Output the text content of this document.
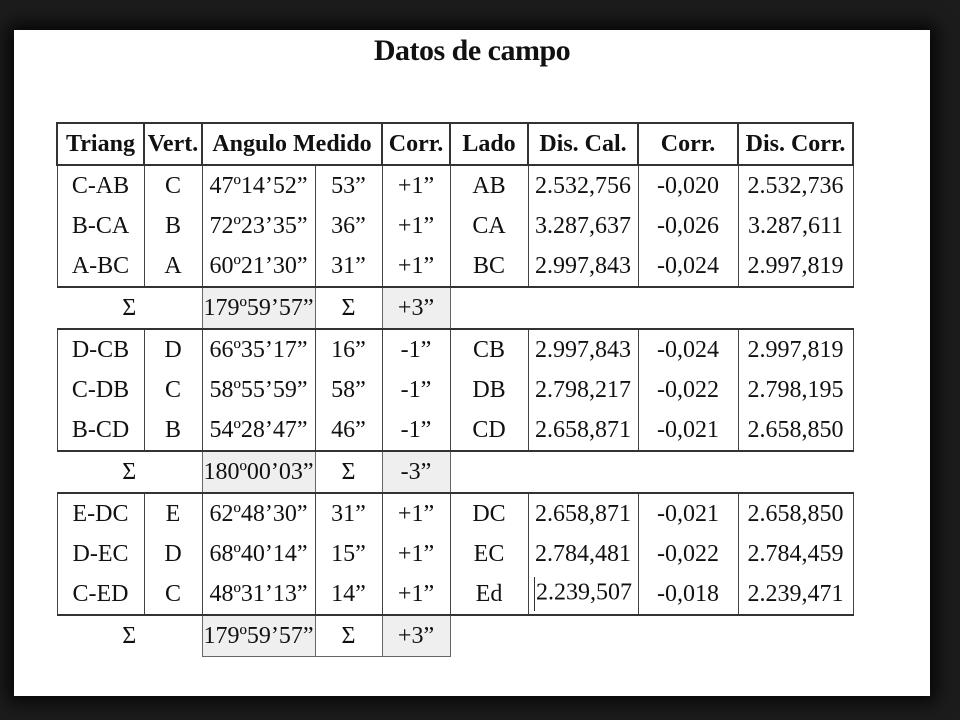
Datos de campo
Triang	Vert.	Angulo Medido		Corr.	Lado	Dis. Cal.	Corr.	Dis. Corr.
C-AB	C	47º14’52”	53”	+1”	AB	2.532,756	-0,020	2.532,736
B-CA	B	72º23’35”	36”	+1”	CA	3.287,637	-0,026	3.287,611
A-BC	A	60º21’30”	31”	+1”	BC	2.997,843	-0,024	2.997,819
Σ		179º59’57”	Σ	+3”				
D-CB	D	66º35’17”	16”	-1”	CB	2.997,843	-0,024	2.997,819
C-DB	C	58º55’59”	58”	-1”	DB	2.798,217	-0,022	2.798,195
B-CD	B	54º28’47”	46”	-1”	CD	2.658,871	-0,021	2.658,850
Σ		180º00’03”	Σ	-3”				
E-DC	E	62º48’30”	31”	+1”	DC	2.658,871	-0,021	2.658,850
D-EC	D	68º40’14”	15”	+1”	EC	2.784,481	-0,022	2.784,459
C-ED	C	48º31’13”	14”	+1”	Ed	2.239,507	-0,018	2.239,471
Σ		179º59’57”	Σ	+3”				
